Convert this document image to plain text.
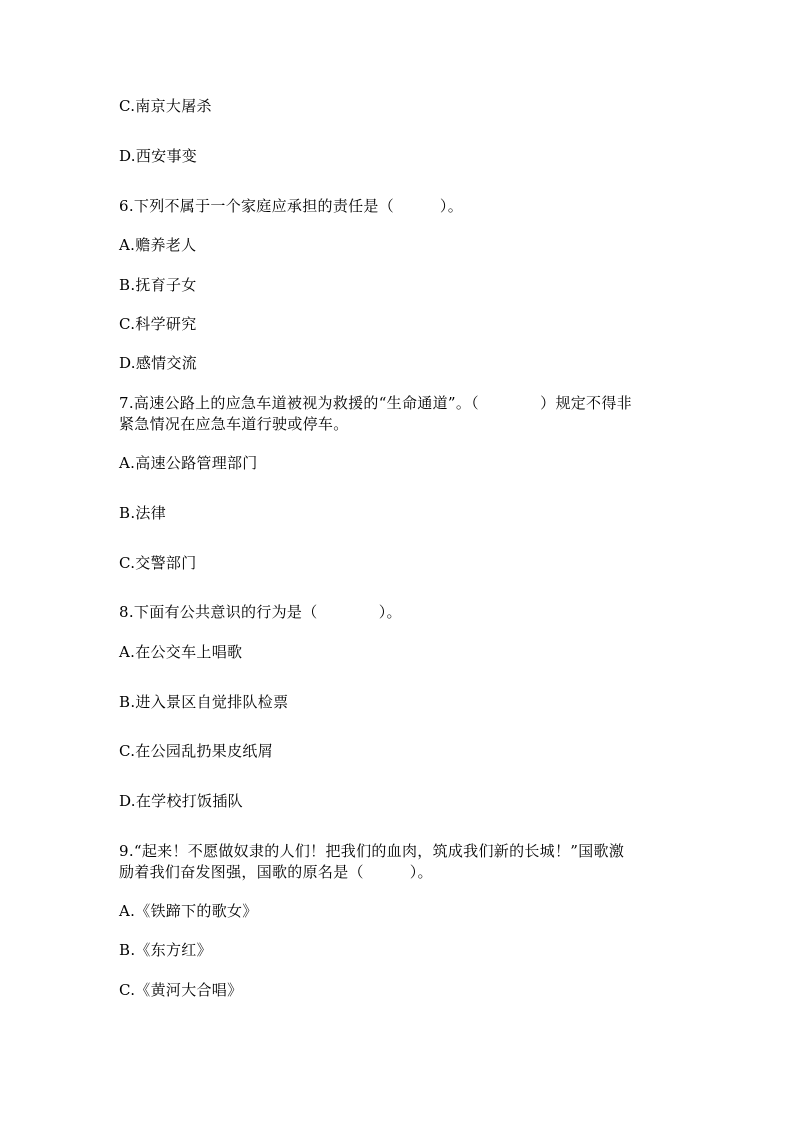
C.南京大屠杀
D.西安事变
6.下列不属于一个家庭应承担的责任是（　　　）。
A.赡养老人
B.抚育子女
C.科学研究
D.感情交流
7.高速公路上的应急车道被视为救援的“生命通道”。（　　　　）规定不得非
紧急情况在应急车道行驶或停车。
A.高速公路管理部门
B.法律
C.交警部门
8.下面有公共意识的行为是（　　　　）。
A.在公交车上唱歌
B.进入景区自觉排队检票
C.在公园乱扔果皮纸屑
D.在学校打饭插队
9.“起来！不愿做奴隶的人们！把我们的血肉，筑成我们新的长城！”国歌激
励着我们奋发图强，国歌的原名是（　　　）。
A.《铁蹄下的歌女》
B.《东方红》
C.《黄河大合唱》
